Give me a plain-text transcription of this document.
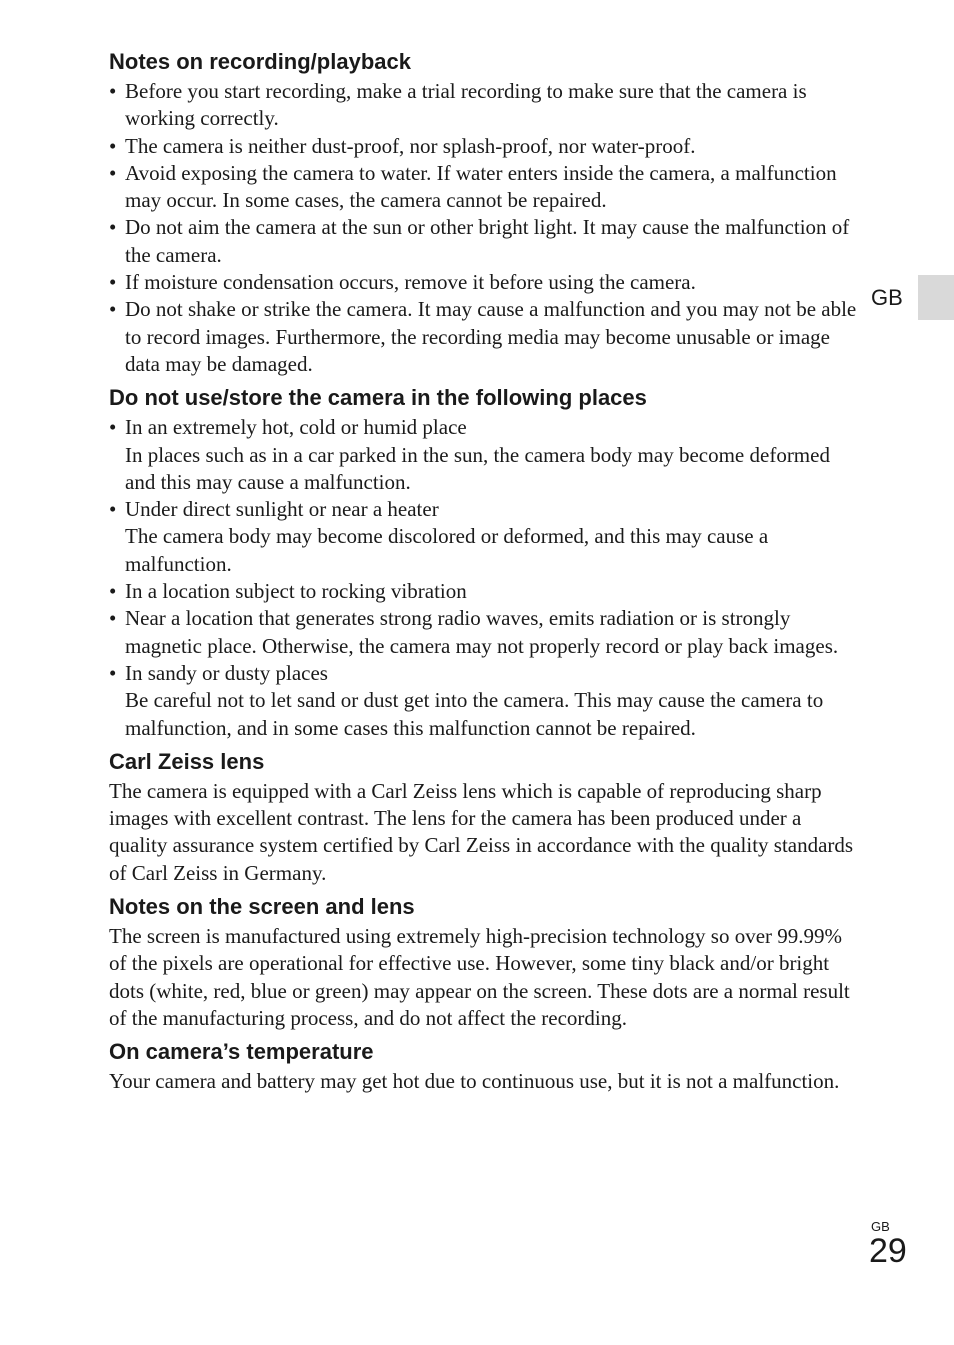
GB
Notes on recording/playback
• Before you start recording, make a trial recording to make sure that the camera is working correctly.
• The camera is neither dust-proof, nor splash-proof, nor water-proof.
• Avoid exposing the camera to water. If water enters inside the camera, a malfunction may occur. In some cases, the camera cannot be repaired.
• Do not aim the camera at the sun or other bright light. It may cause the malfunction of the camera.
• If moisture condensation occurs, remove it before using the camera.
• Do not shake or strike the camera. It may cause a malfunction and you may not be able to record images. Furthermore, the recording media may become unusable or image data may be damaged.
Do not use/store the camera in the following places
• In an extremely hot, cold or humid place
In places such as in a car parked in the sun, the camera body may become deformed and this may cause a malfunction.
• Under direct sunlight or near a heater
The camera body may become discolored or deformed, and this may cause a malfunction.
• In a location subject to rocking vibration
• Near a location that generates strong radio waves, emits radiation or is strongly magnetic place. Otherwise, the camera may not properly record or play back images.
• In sandy or dusty places
Be careful not to let sand or dust get into the camera. This may cause the camera to malfunction, and in some cases this malfunction cannot be repaired.
Carl Zeiss lens

The camera is equipped with a Carl Zeiss lens which is capable of reproducing sharp images with excellent contrast. The lens for the camera has been produced under a quality assurance system certified by Carl Zeiss in accordance with the quality standards of Carl Zeiss in Germany.

Notes on the screen and lens

The screen is manufactured using extremely high-precision technology so over 99.99% of the pixels are operational for effective use. However, some tiny black and/or bright dots (white, red, blue or green) may appear on the screen. These dots are a normal result of the manufacturing process, and do not affect the recording.

On camera’s temperature

Your camera and battery may get hot due to continuous use, but it is not a malfunction.

GB
29
